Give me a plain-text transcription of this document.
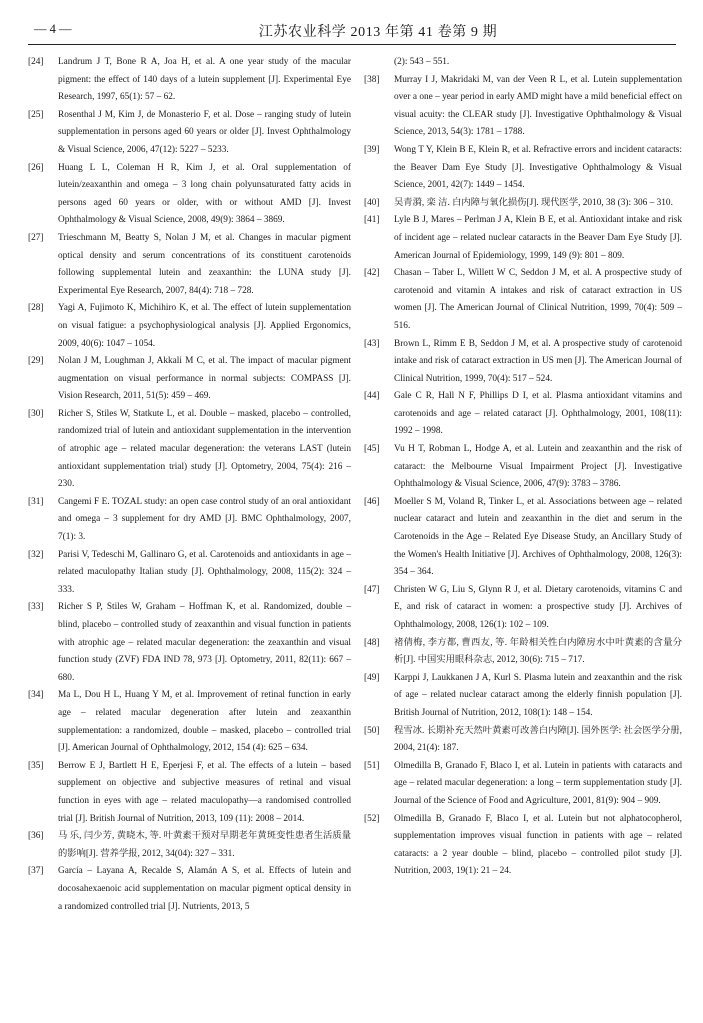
— 4 —	江苏农业科学 2013 年第 41 卷第 9 期
[24] Landrum J T, Bone R A, Joa H, et al. A one year study of the macular pigment: the effect of 140 days of a lutein supplement [J]. Experimental Eye Research, 1997, 65(1): 57 – 62.
[25] Rosenthal J M, Kim J, de Monasterio F, et al. Dose – ranging study of lutein supplementation in persons aged 60 years or older [J]. Invest Ophthalmology & Visual Science, 2006, 47(12): 5227 – 5233.
[26] Huang L L, Coleman H R, Kim J, et al. Oral supplementation of lutein/zeaxanthin and omega – 3 long chain polyunsaturated fatty acids in persons aged 60 years or older, with or without AMD [J]. Invest Ophthalmology & Visual Science, 2008, 49(9): 3864 – 3869.
[27] Trieschmann M, Beatty S, Nolan J M, et al. Changes in macular pigment optical density and serum concentrations of its constituent carotenoids following supplemental lutein and zeaxanthin: the LUNA study [J]. Experimental Eye Research, 2007, 84(4): 718 – 728.
[28] Yagi A, Fujimoto K, Michihiro K, et al. The effect of lutein supplementation on visual fatigue: a psychophysiological analysis [J]. Applied Ergonomics, 2009, 40(6): 1047 – 1054.
[29] Nolan J M, Loughman J, Akkali M C, et al. The impact of macular pigment augmentation on visual performance in normal subjects: COMPASS [J]. Vision Research, 2011, 51(5): 459 – 469.
[30] Richer S, Stiles W, Statkute L, et al. Double – masked, placebo – controlled, randomized trial of lutein and antioxidant supplementation in the intervention of atrophic age – related macular degeneration: the veterans LAST (lutein antioxidant supplementation trial) study [J]. Optometry, 2004, 75(4): 216 – 230.
[31] Cangemi F E. TOZAL study: an open case control study of an oral antioxidant and omega – 3 supplement for dry AMD [J]. BMC Ophthalmology, 2007, 7(1): 3.
[32] Parisi V, Tedeschi M, Gallinaro G, et al. Carotenoids and antioxidants in age – related maculopathy Italian study [J]. Ophthalmology, 2008, 115(2): 324 – 333.
[33] Richer S P, Stiles W, Graham – Hoffman K, et al. Randomized, double – blind, placebo – controlled study of zeaxanthin and visual function in patients with atrophic age – related macular degeneration: the zeaxanthin and visual function study (ZVF) FDA IND 78, 973 [J]. Optometry, 2011, 82(11): 667 – 680.
[34] Ma L, Dou H L, Huang Y M, et al. Improvement of retinal function in early age – related macular degeneration after lutein and zeaxanthin supplementation: a randomized, double – masked, placebo – controlled trial [J]. American Journal of Ophthalmology, 2012, 154 (4): 625 – 634.
[35] Berrow E J, Bartlett H E, Eperjesi F, et al. The effects of a lutein – based supplement on objective and subjective measures of retinal and visual function in eyes with age – related maculopathy—a randomised controlled trial [J]. British Journal of Nutrition, 2013, 109 (11): 2008 – 2014.
[36] 马 乐, 闫少芳, 黄晓木, 等. 叶黄素干预对早期老年黄斑变性患者生活质量的影响[J]. 营养学报, 2012, 34(04): 327 – 331.
[37] García – Layana A, Recalde S, Alamán A S, et al. Effects of lutein and docosahexaenoic acid supplementation on macular pigment optical density in a randomized controlled trial [J]. Nutrients, 2013, 5
(2): 543 – 551.
[38] Murray I J, Makridaki M, van der Veen R L, et al. Lutein supplementation over a one – year period in early AMD might have a mild beneficial effect on visual acuity: the CLEAR study [J]. Investigative Ophthalmology & Visual Science, 2013, 54(3): 1781 – 1788.
[39] Wong T Y, Klein B E, Klein R, et al. Refractive errors and incident cataracts: the Beaver Dam Eye Study [J]. Investigative Ophthalmology & Visual Science, 2001, 42(7): 1449 – 1454.
[40] 吴青漪, 栾 洁. 白内障与氧化损伤[J]. 现代医学, 2010, 38 (3): 306 – 310.
[41] Lyle B J, Mares – Perlman J A, Klein B E, et al. Antioxidant intake and risk of incident age – related nuclear cataracts in the Beaver Dam Eye Study [J]. American Journal of Epidemiology, 1999, 149 (9): 801 – 809.
[42] Chasan – Taber L, Willett W C, Seddon J M, et al. A prospective study of carotenoid and vitamin A intakes and risk of cataract extraction in US women [J]. The American Journal of Clinical Nutrition, 1999, 70(4): 509 – 516.
[43] Brown L, Rimm E B, Seddon J M, et al. A prospective study of carotenoid intake and risk of cataract extraction in US men [J]. The American Journal of Clinical Nutrition, 1999, 70(4): 517 – 524.
[44] Gale C R, Hall N F, Phillips D I, et al. Plasma antioxidant vitamins and carotenoids and age – related cataract [J]. Ophthalmology, 2001, 108(11): 1992 – 1998.
[45] Vu H T, Robman L, Hodge A, et al. Lutein and zeaxanthin and the risk of cataract: the Melbourne Visual Impairment Project [J]. Investigative Ophthalmology & Visual Science, 2006, 47(9): 3783 – 3786.
[46] Moeller S M, Voland R, Tinker L, et al. Associations between age – related nuclear cataract and lutein and zeaxanthin in the diet and serum in the Carotenoids in the Age – Related Eye Disease Study, an Ancillary Study of the Women's Health Initiative [J]. Archives of Ophthalmology, 2008, 126(3): 354 – 364.
[47] Christen W G, Liu S, Glynn R J, et al. Dietary carotenoids, vitamins C and E, and risk of cataract in women: a prospective study [J]. Archives of Ophthalmology, 2008, 126(1): 102 – 109.
[48] 褚倩梅, 李方都, 曹西友, 等. 年龄相关性白内障房水中叶黄素的含量分析[J]. 中国实用眼科杂志, 2012, 30(6): 715 – 717.
[49] Karppi J, Laukkanen J A, Kurl S. Plasma lutein and zeaxanthin and the risk of age – related nuclear cataract among the elderly finnish population [J]. British Journal of Nutrition, 2012, 108(1): 148 – 154.
[50] 程雪冰. 长期补充天然叶黄素可改善白内障[J]. 国外医学: 社会医学分册, 2004, 21(4): 187.
[51] Olmedilla B, Granado F, Blaco I, et al. Lutein in patients with cataracts and age – related macular degeneration: a long – term supplementation study [J]. Journal of the Science of Food and Agriculture, 2001, 81(9): 904 – 909.
[52] Olmedilla B, Granado F, Blaco I, et al. Lutein but not alphatocopherol, supplementation improves visual function in patients with age – related cataracts: a 2 year double – blind, placebo – controlled pilot study [J]. Nutrition, 2003, 19(1): 21 – 24.
